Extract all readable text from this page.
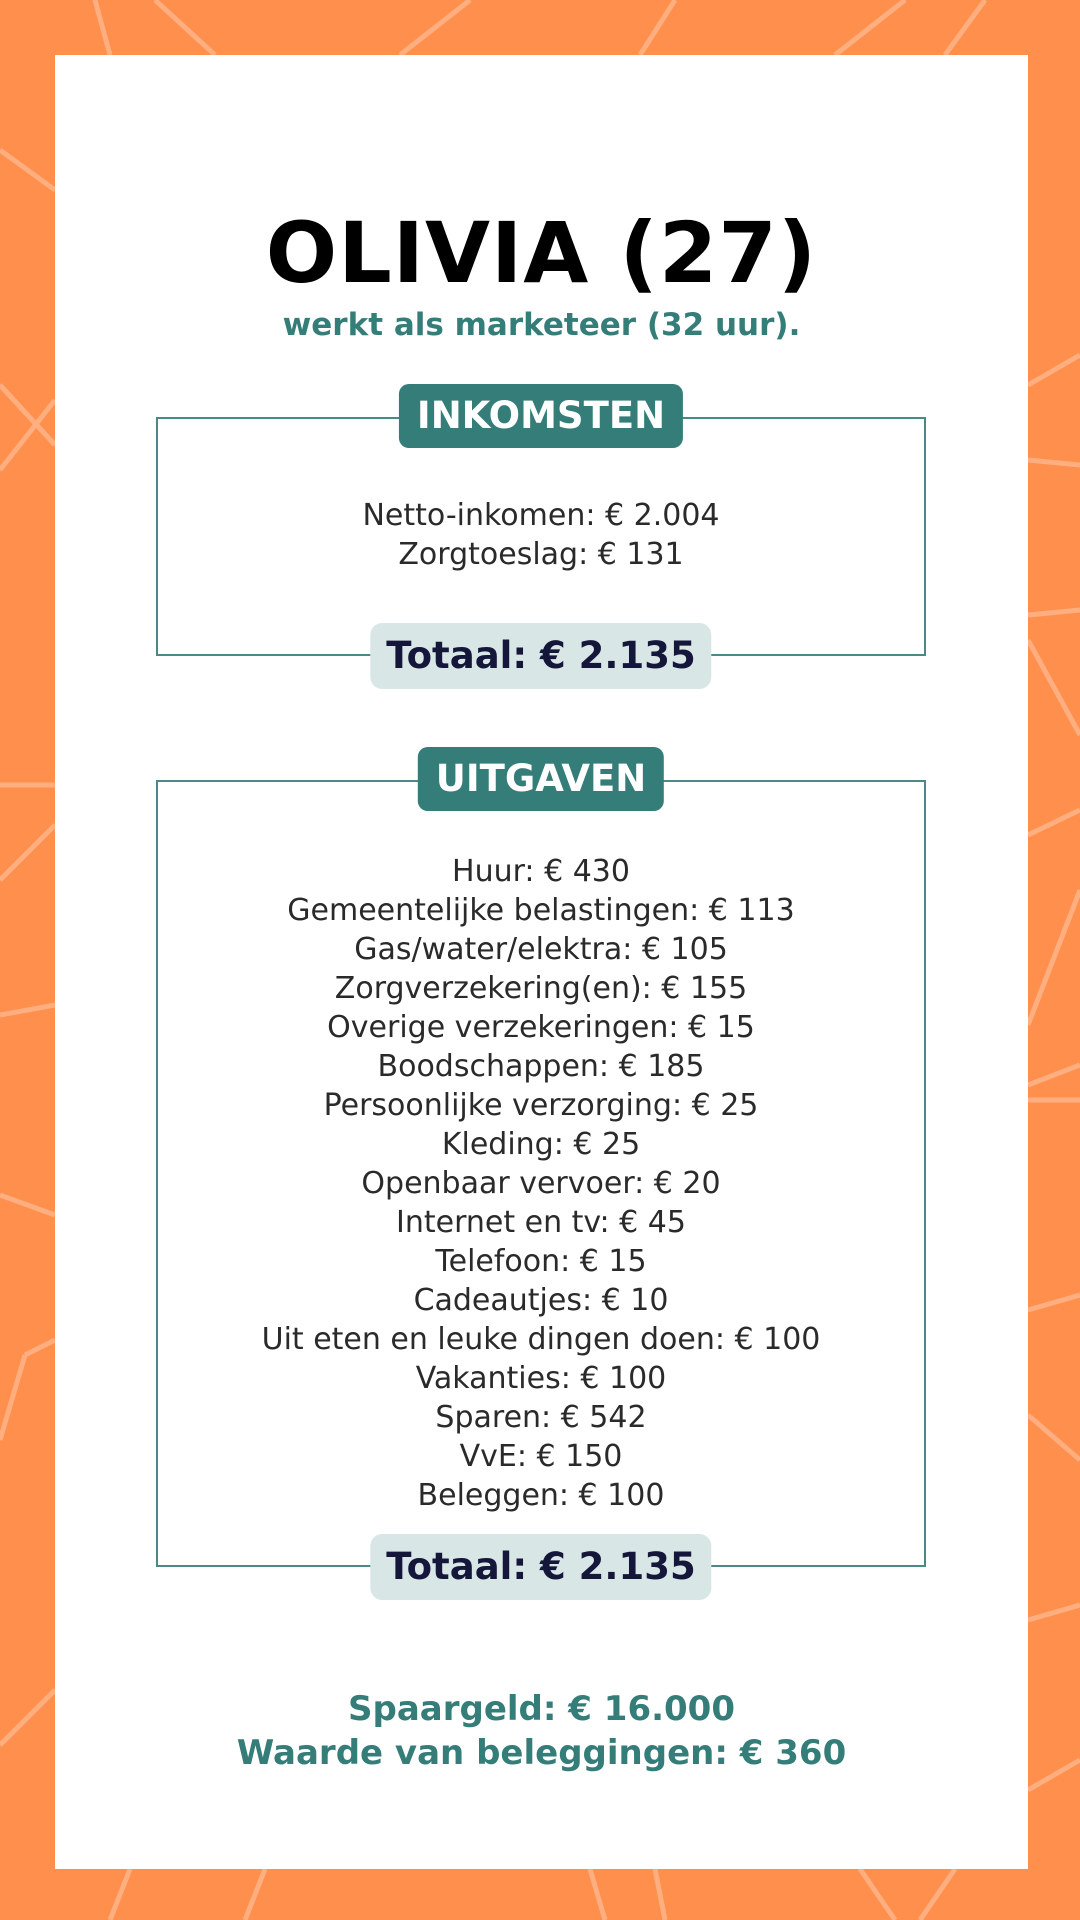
OLIVIA (27)
werkt als marketeer (32 uur).
INKOMSTEN
Netto-inkomen: € 2.004
Zorgtoeslag: € 131
Totaal: € 2.135
UITGAVEN
Huur: € 430
Gemeentelijke belastingen: € 113
Gas/water/elektra: € 105
Zorgverzekering(en): € 155
Overige verzekeringen: € 15
Boodschappen: € 185
Persoonlijke verzorging: € 25
Kleding: € 25
Openbaar vervoer: € 20
Internet en tv: € 45
Telefoon: € 15
Cadeautjes: € 10
Uit eten en leuke dingen doen: € 100
Vakanties: € 100
Sparen: € 542
VvE: € 150
Beleggen: € 100
Totaal: € 2.135
Spaargeld: € 16.000
Waarde van beleggingen: € 360
